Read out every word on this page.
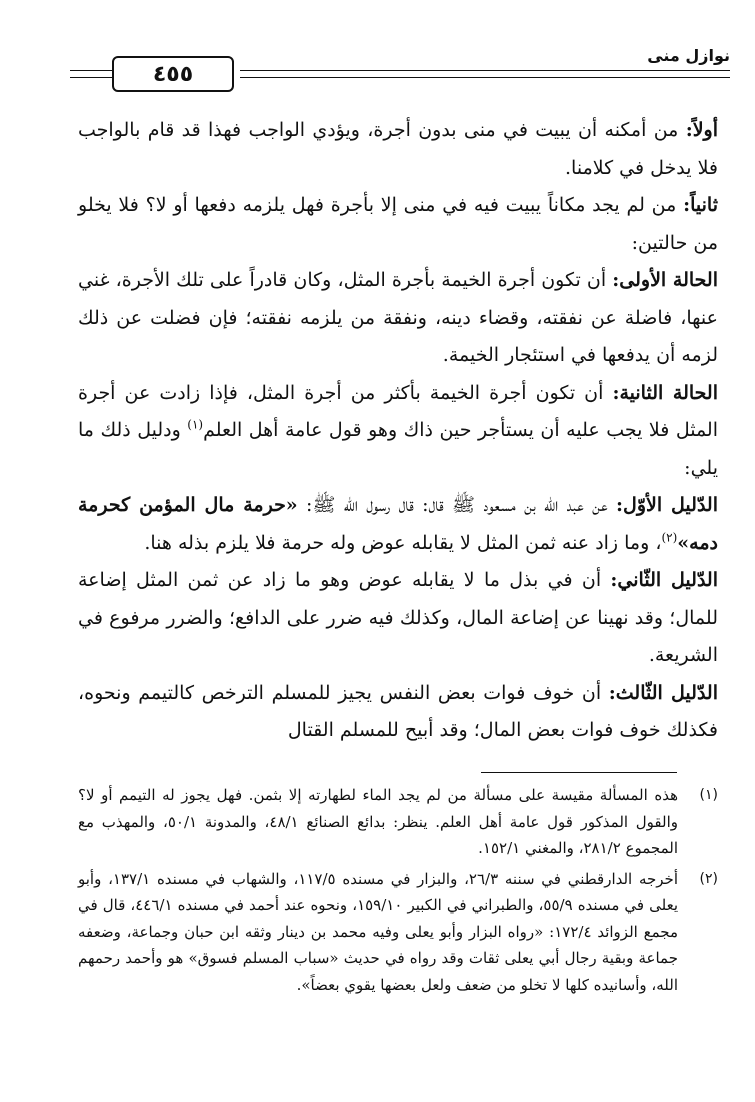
٤٥٥
نوازل منى

أولاً: من أمكنه أن يبيت في منى بدون أجرة، ويؤدي الواجب فهذا قد قام بالواجب فلا يدخل في كلامنا.

ثانياً: من لم يجد مكاناً يبيت فيه في منى إلا بأجرة فهل يلزمه دفعها أو لا؟ فلا يخلو من حالتين:

الحالة الأولى: أن تكون أجرة الخيمة بأجرة المثل، وكان قادراً على تلك الأجرة، غني عنها، فاضلة عن نفقته، وقضاء دينه، ونفقة من يلزمه نفقته؛ فإن فضلت عن ذلك لزمه أن يدفعها في استئجار الخيمة.

الحالة الثانية: أن تكون أجرة الخيمة بأكثر من أجرة المثل، فإذا زادت عن أجرة المثل فلا يجب عليه أن يستأجر حين ذاك وهو قول عامة أهل العلم$^{(١)}$ ودليل ذلك ما يلي:

الدّليل الأوّل: عن عبد الله بن مسعود ﷺ قال: قال رسول الله ﷺ: «حرمة مال المؤمن كحرمة دمه»$^{(٢)}$، وما زاد عنه ثمن المثل لا يقابله عوض وله حرمة فلا يلزم بذله هنا.

الدّليل الثّاني: أن في بذل ما لا يقابله عوض وهو ما زاد عن ثمن المثل إضاعة للمال؛ وقد نهينا عن إضاعة المال، وكذلك فيه ضرر على الدافع؛ والضرر مرفوع في الشريعة.

الدّليل الثّالث: أن خوف فوات بعض النفس يجيز للمسلم الترخص كالتيمم ونحوه، فكذلك خوف فوات بعض المال؛ وقد أبيح للمسلم القتال

(١)
هذه المسألة مقيسة على مسألة من لم يجد الماء لطهارته إلا بثمن. فهل يجوز له التيمم أو لا؟ والقول المذكور قول عامة أهل العلم. ينظر: بدائع الصنائع ٤٨/١، والمدونة ٥٠/١، والمهذب مع المجموع ٢٨١/٢، والمغني ١٥٢/١.
(٢)
أخرجه الدارقطني في سننه ٢٦/٣، والبزار في مسنده ١١٧/٥، والشهاب في مسنده ١٣٧/١، وأبو يعلى في مسنده ٥٥/٩، والطبراني في الكبير ١٥٩/١٠، ونحوه عند أحمد في مسنده ٤٤٦/١، قال في مجمع الزوائد ١٧٢/٤: «رواه البزار وأبو يعلى وفيه محمد بن دينار وثقه ابن حبان وجماعة، وضعفه جماعة وبقية رجال أبي يعلى ثقات وقد رواه في حديث «سباب المسلم فسوق» هو وأحمد رحمهم الله، وأسانيده كلها لا تخلو من ضعف ولعل بعضها يقوي بعضاً».
